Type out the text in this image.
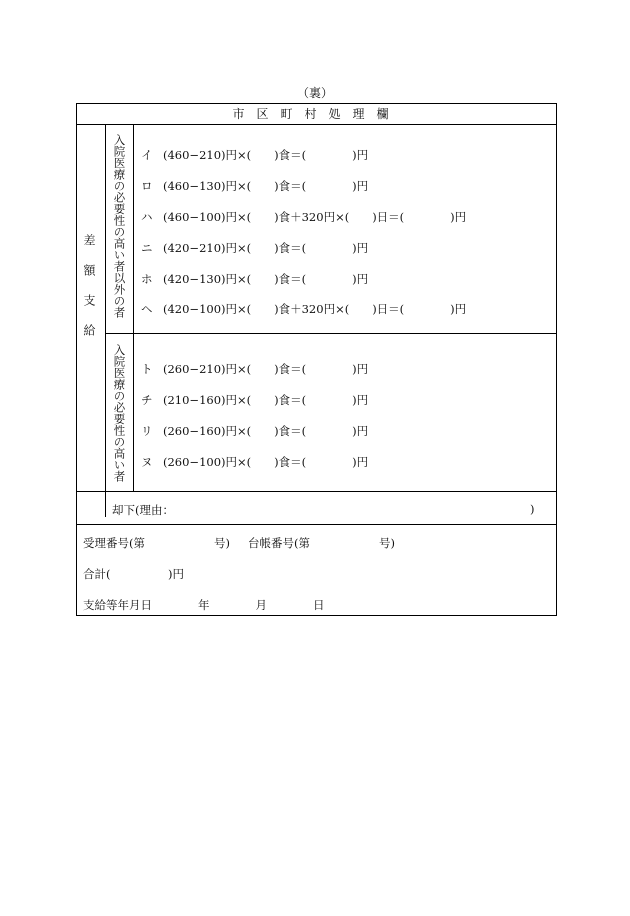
（裏）
市区町村処理欄
差額支給 入院医療の必要性の高い者以外の者
入院医療の必要性の高い者
イ (460−210)円×(　　)食＝(　　　　)円
ロ (460−130)円×(　　)食＝(　　　　)円
ハ (460−100)円×(　　)食＋320円×(　　)日＝(　　　　)円
ニ (420−210)円×(　　)食＝(　　　　)円
ホ (420−130)円×(　　)食＝(　　　　)円
ヘ (420−100)円×(　　)食＋320円×(　　)日＝(　　　　)円
ト (260−210)円×(　　)食＝(　　　　)円
チ (210−160)円×(　　)食＝(　　　　)円
リ (260−160)円×(　　)食＝(　　　　)円
ヌ (260−100)円×(　　)食＝(　　　　)円
却下(理由：	)
受理番号(第　　　　　　号) 台帳番号(第　　　　　　号)
合計(　　　　　)円
支給等年月日　　　　年　　　　月　　　　日
